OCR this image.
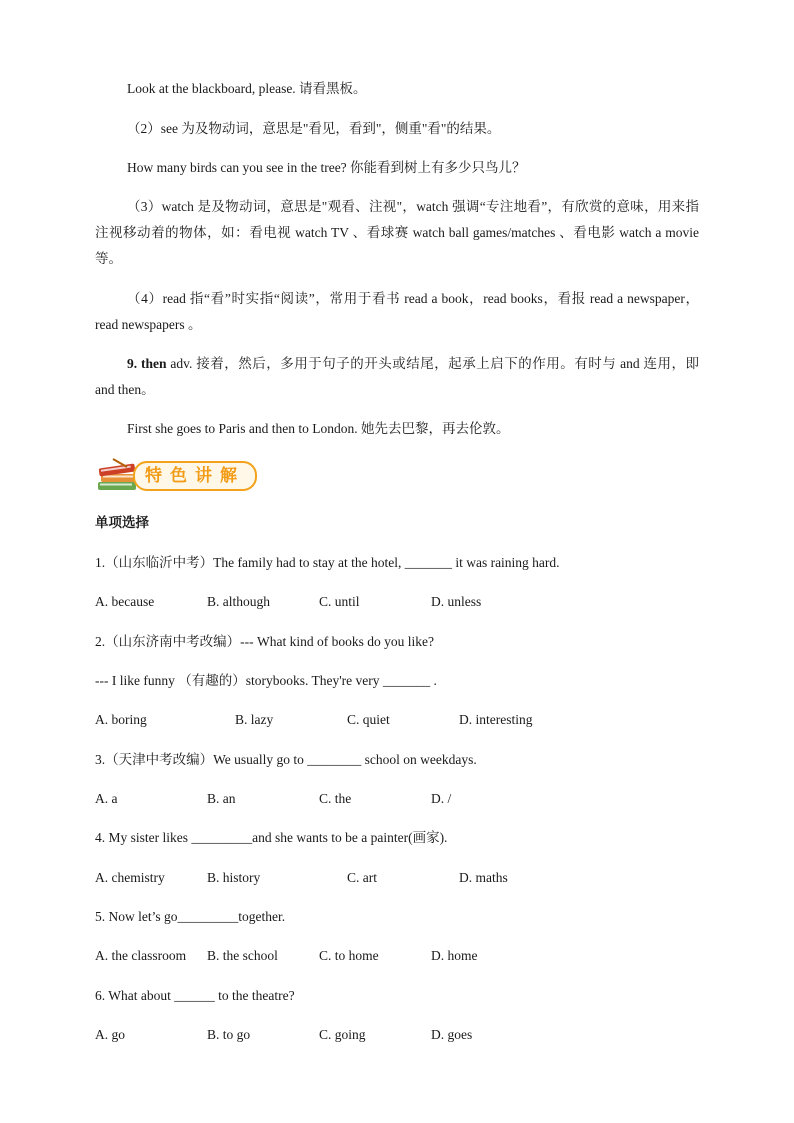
Look at the blackboard, please. 请看黑板。
（2）see 为及物动词，意思是"看见，看到"，侧重"看"的结果。
How many birds can you see in the tree? 你能看到树上有多少只鸟儿？
（3）watch 是及物动词，意思是"观看、注视"，watch 强调“专注地看”，有欣赏的意味，用来指注视移动着的物体，如：看电视 watch TV 、看球赛 watch ball games/matches 、看电影 watch a movie 等。
（4）read 指“看”时实指“阅读”，常用于看书 read a book，read books，看报 read a newspaper，read newspapers 。
9. then adv. 接着，然后，多用于句子的开头或结尾，起承上启下的作用。有时与 and 连用，即 and then。
First she goes to Paris and then to London. 她先去巴黎，再去伦敦。
特色讲解
单项选择
1.（山东临沂中考）The family had to stay at the hotel, _______ it was raining hard.
A. because	B. although	C. until	D. unless
2.（山东济南中考改编）--- What kind of books do you like?
--- I like funny （有趣的）storybooks. They're very _______ .
A. boring	B. lazy	C. quiet	D. interesting
3.（天津中考改编）We usually go to ________ school on weekdays.
A. a	B. an	C. the	D. /
4. My sister likes _________and she wants to be a painter(画家).
A. chemistry	B. history	C. art	D. maths
5. Now let’s go_________together.
A. the classroom B. the school	C. to home	D. home
6. What about ______ to the theatre?
A. go	B. to go	C. going	D. goes
